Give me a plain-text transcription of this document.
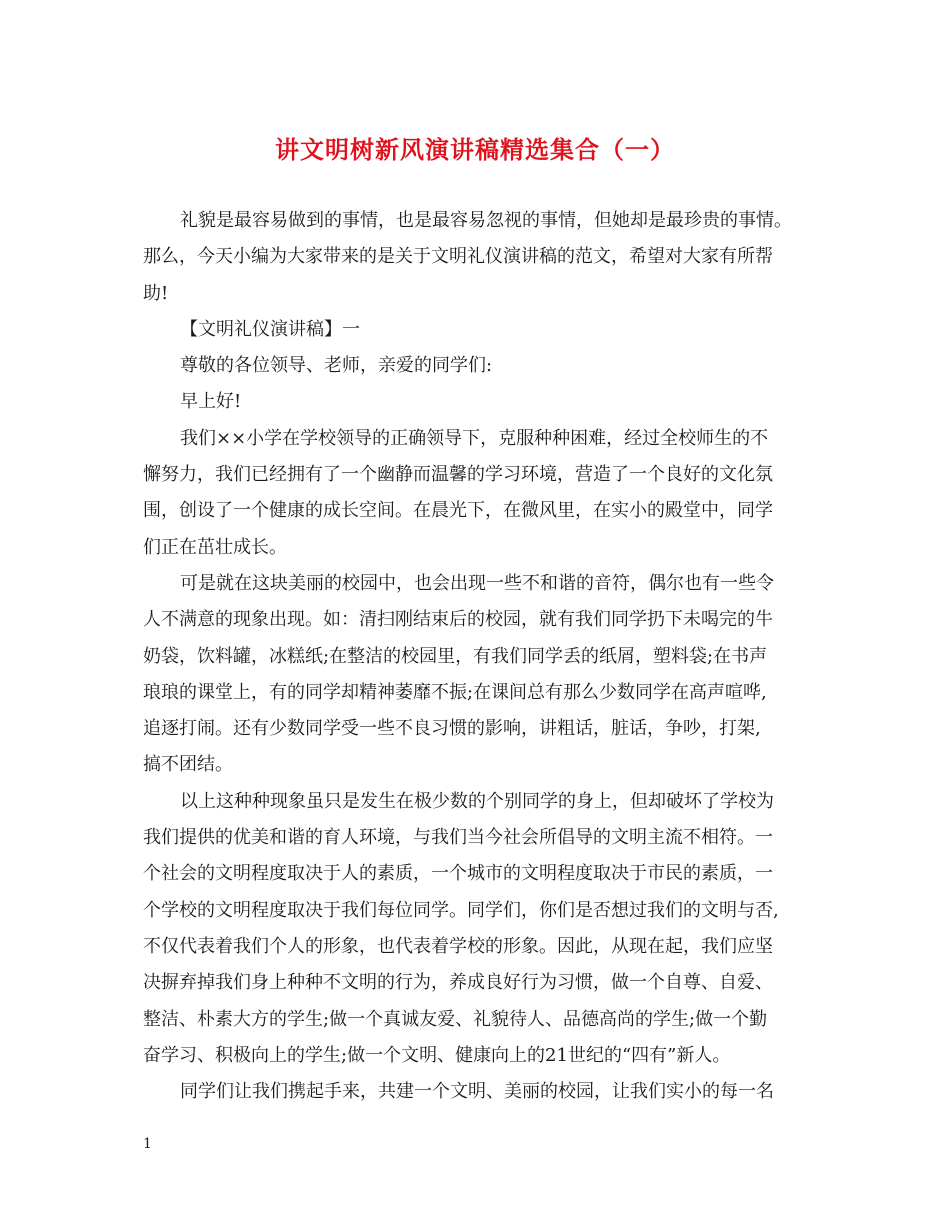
讲文明树新风演讲稿精选集合（一）
礼貌是最容易做到的事情，也是最容易忽视的事情，但她却是最珍贵的事情。
那么，今天小编为大家带来的是关于文明礼仪演讲稿的范文，希望对大家有所帮
助!
【文明礼仪演讲稿】一
尊敬的各位领导、老师，亲爱的同学们:
早上好!
我们××小学在学校领导的正确领导下，克服种种困难，经过全校师生的不
懈努力，我们已经拥有了一个幽静而温馨的学习环境，营造了一个良好的文化氛
围，创设了一个健康的成长空间。在晨光下，在微风里，在实小的殿堂中，同学
们正在茁壮成长。
可是就在这块美丽的校园中，也会出现一些不和谐的音符，偶尔也有一些令
人不满意的现象出现。如：清扫刚结束后的校园，就有我们同学扔下未喝完的牛
奶袋，饮料罐，冰糕纸;在整洁的校园里，有我们同学丢的纸屑，塑料袋;在书声
琅琅的课堂上，有的同学却精神萎靡不振;在课间总有那么少数同学在高声喧哗,
追逐打闹。还有少数同学受一些不良习惯的影响，讲粗话，脏话，争吵，打架,
搞不团结。
以上这种种现象虽只是发生在极少数的个别同学的身上，但却破坏了学校为
我们提供的优美和谐的育人环境，与我们当今社会所倡导的文明主流不相符。一
个社会的文明程度取决于人的素质，一个城市的文明程度取决于市民的素质，一
个学校的文明程度取决于我们每位同学。同学们，你们是否想过我们的文明与否,
不仅代表着我们个人的形象，也代表着学校的形象。因此，从现在起，我们应坚
决摒弃掉我们身上种种不文明的行为，养成良好行为习惯，做一个自尊、自爱、
整洁、朴素大方的学生;做一个真诚友爱、礼貌待人、品德高尚的学生;做一个勤
奋学习、积极向上的学生;做一个文明、健康向上的21世纪的“四有”新人。
同学们让我们携起手来，共建一个文明、美丽的校园，让我们实小的每一名
1
